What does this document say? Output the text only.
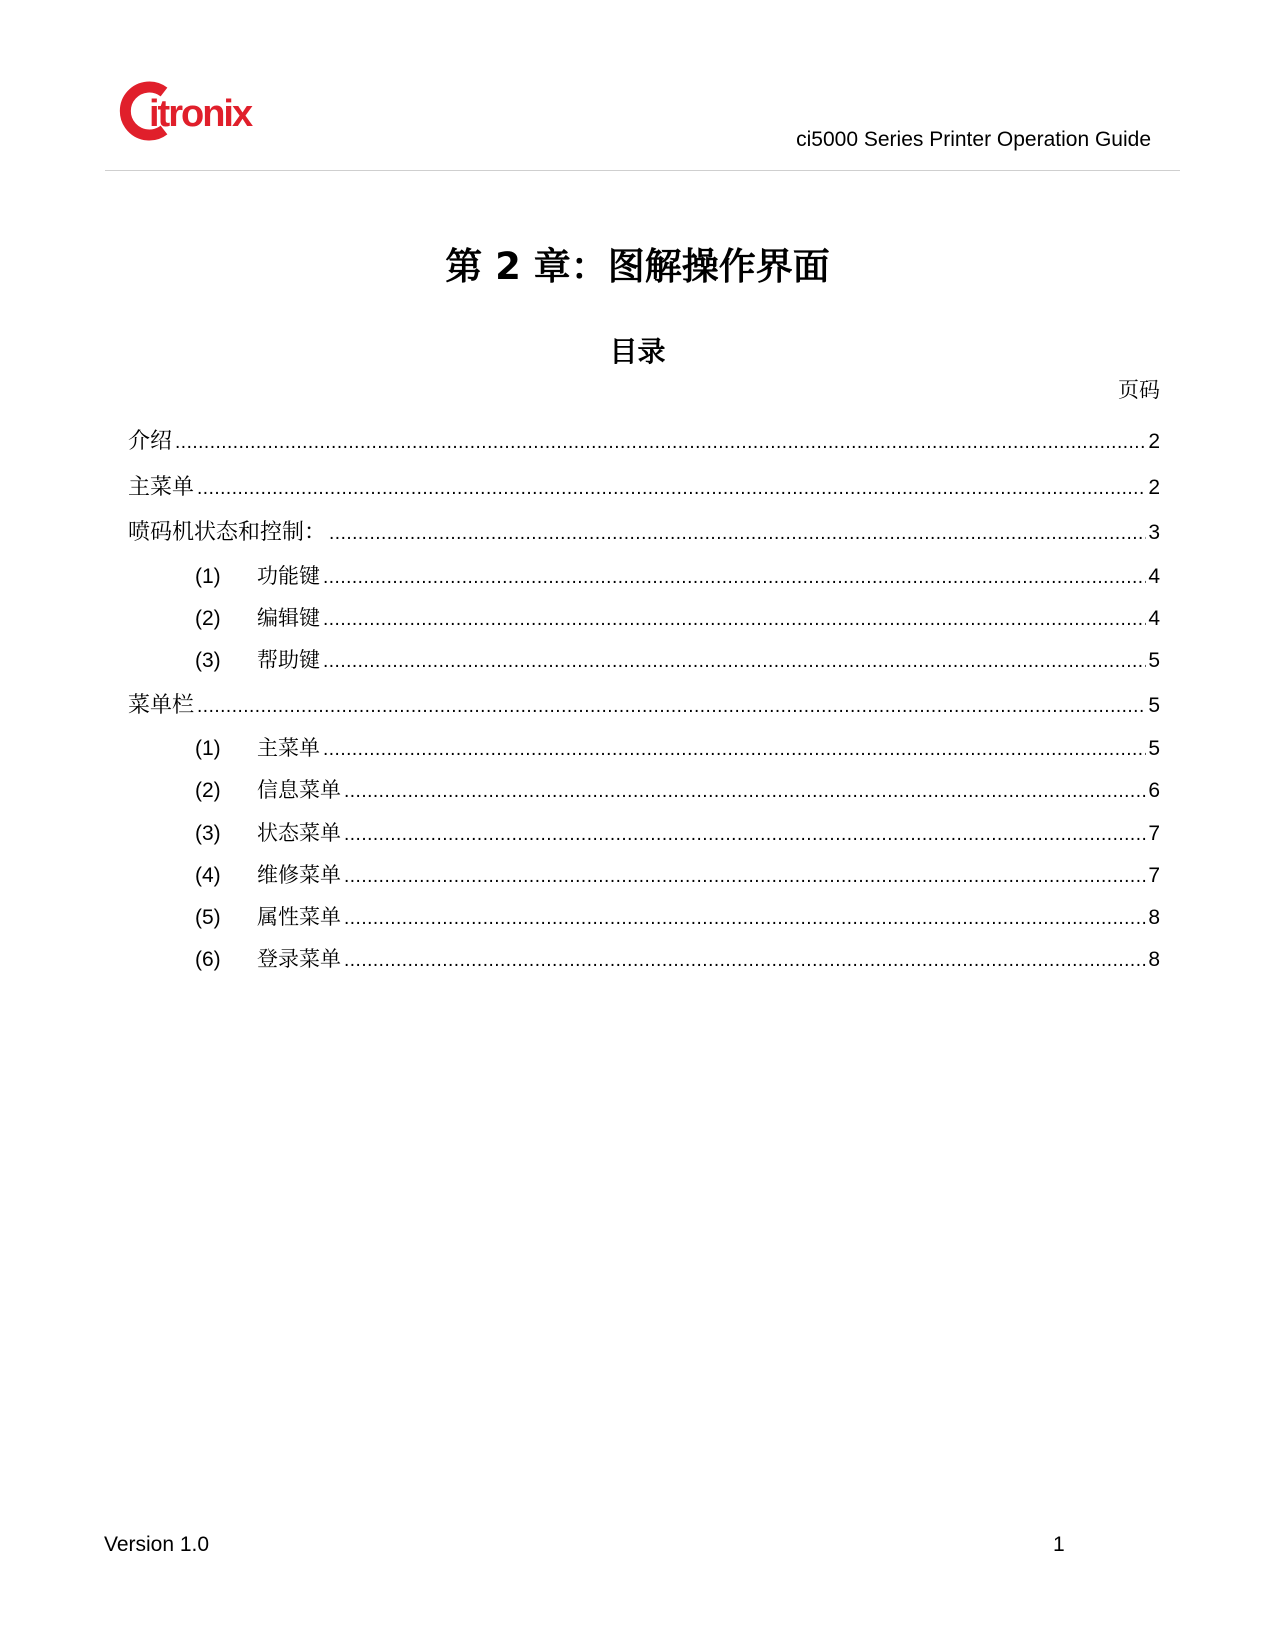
itronix
ci5000 Series Printer Operation Guide
第 2 章：图解操作界面
目录
页码
介绍 .....	2
主菜单 .....	2
喷码机状态和控制： .....	3
(1)	功能键 .....	4
(2)	编辑键 .....	4
(3)	帮助键 .....	5
菜单栏 .....	5
(1)	主菜单 .....	5
(2)	信息菜单 .....	6
(3)	状态菜单 .....	7
(4)	维修菜单 .....	7
(5)	属性菜单 .....	8
(6)	登录菜单 .....	8
Version 1.0	1
